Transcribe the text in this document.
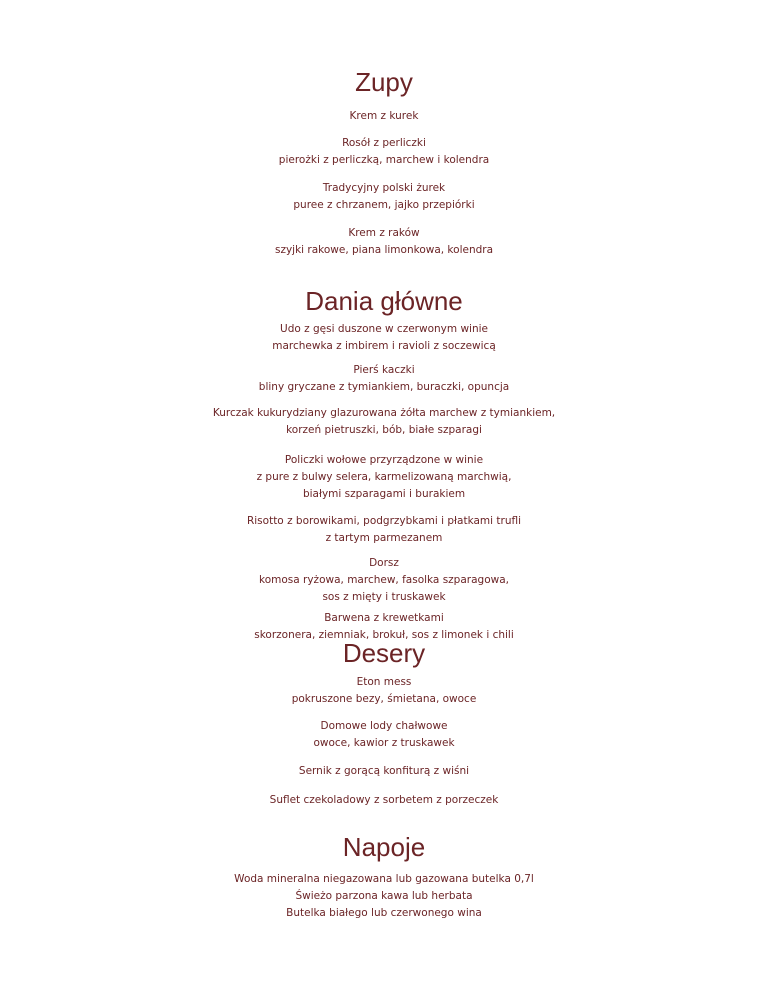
Zupy
Krem z kurek
Rosół z perliczki
pierożki z perliczką, marchew i kolendra
Tradycyjny polski żurek
puree z chrzanem, jajko przepiórki
Krem z raków
szyjki rakowe, piana limonkowa, kolendra
Dania główne
Udo z gęsi duszone w czerwonym winie
marchewka z imbirem i ravioli z soczewicą
Pierś kaczki
bliny gryczane z tymiankiem, buraczki, opuncja
Kurczak kukurydziany glazurowana żółta marchew z tymiankiem,
korzeń pietruszki, bób, białe szparagi
Policzki wołowe przyrządzone w winie
z pure z bulwy selera, karmelizowaną marchwią,
białymi szparagami i burakiem
Risotto z borowikami, podgrzybkami i płatkami trufli
z tartym parmezanem
Dorsz
komosa ryżowa, marchew, fasolka szparagowa,
sos z mięty i truskawek
Barwena z krewetkami
skorzonera, ziemniak, brokuł, sos z limonek i chili
Desery
Eton mess
pokruszone bezy, śmietana, owoce
Domowe lody chałwowe
owoce, kawior z truskawek
Sernik z gorącą konfiturą z wiśni
Suflet czekoladowy z sorbetem z porzeczek
Napoje
Woda mineralna niegazowana lub gazowana butelka 0,7l
Świeżo parzona kawa lub herbata
Butelka białego lub czerwonego wina
